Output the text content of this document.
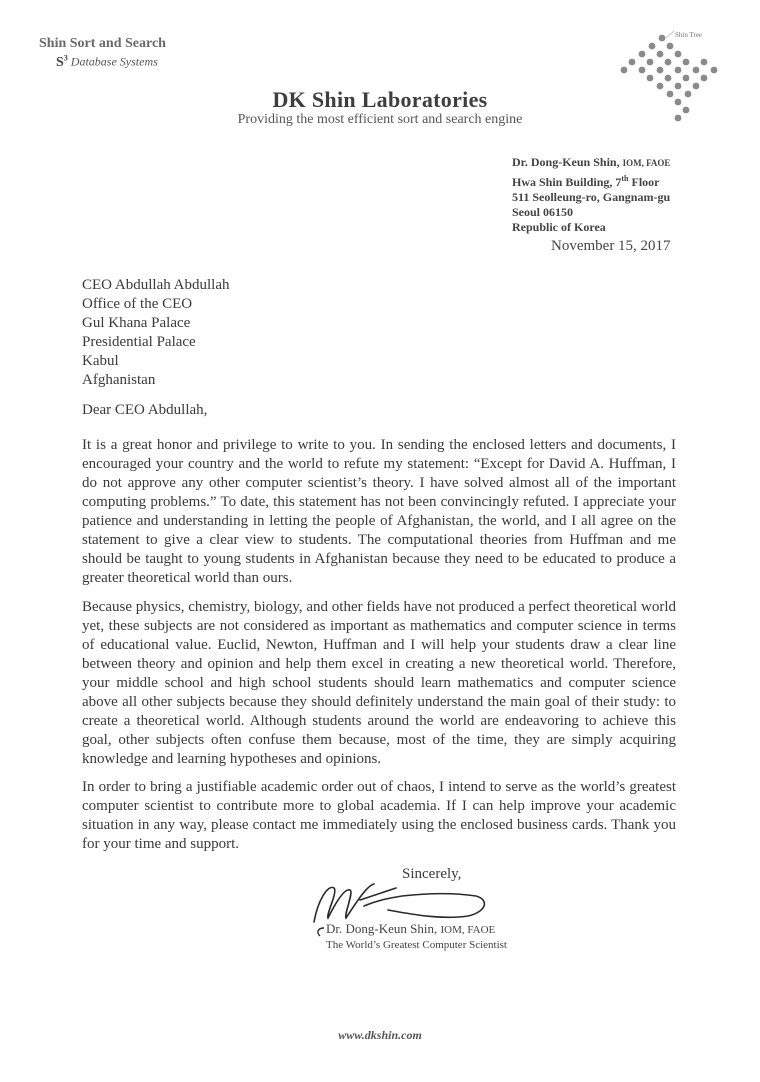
Shin Sort and Search
$S^3$ Database Systems
Shin Tree
DK Shin Laboratories
Providing the most efficient sort and search engine
Dr. Dong-Keun Shin, IOM, FAOE
Hwa Shin Building, 7th Floor
511 Seolleung-ro, Gangnam-gu
Seoul 06150
Republic of Korea
November 15, 2017
CEO Abdullah Abdullah
Office of the CEO
Gul Khana Palace
Presidential Palace
Kabul
Afghanistan
Dear CEO Abdullah,
It is a great honor and privilege to write to you. In sending the enclosed letters and documents, I encouraged your country and the world to refute my statement: “Except for David A. Huffman, I do not approve any other computer scientist’s theory. I have solved almost all of the important computing problems.” To date, this statement has not been convincingly refuted. I appreciate your patience and understanding in letting the people of Afghanistan, the world, and I all agree on the statement to give a clear view to students. The computational theories from Huffman and me should be taught to young students in Afghanistan because they need to be educated to produce a greater theoretical world than ours.
Because physics, chemistry, biology, and other fields have not produced a perfect theoretical world yet, these subjects are not considered as important as mathematics and computer science in terms of educational value. Euclid, Newton, Huffman and I will help your students draw a clear line between theory and opinion and help them excel in creating a new theoretical world. Therefore, your middle school and high school students should learn mathematics and computer science above all other subjects because they should definitely understand the main goal of their study: to create a theoretical world. Although students around the world are endeavoring to achieve this goal, other subjects often confuse them because, most of the time, they are simply acquiring knowledge and learning hypotheses and opinions.
In order to bring a justifiable academic order out of chaos, I intend to serve as the world’s greatest computer scientist to contribute more to global academia. If I can help improve your academic situation in any way, please contact me immediately using the enclosed business cards. Thank you for your time and support.
Sincerely,
Dr. Dong-Keun Shin, IOM, FAOE
The World’s Greatest Computer Scientist
www.dkshin.com
